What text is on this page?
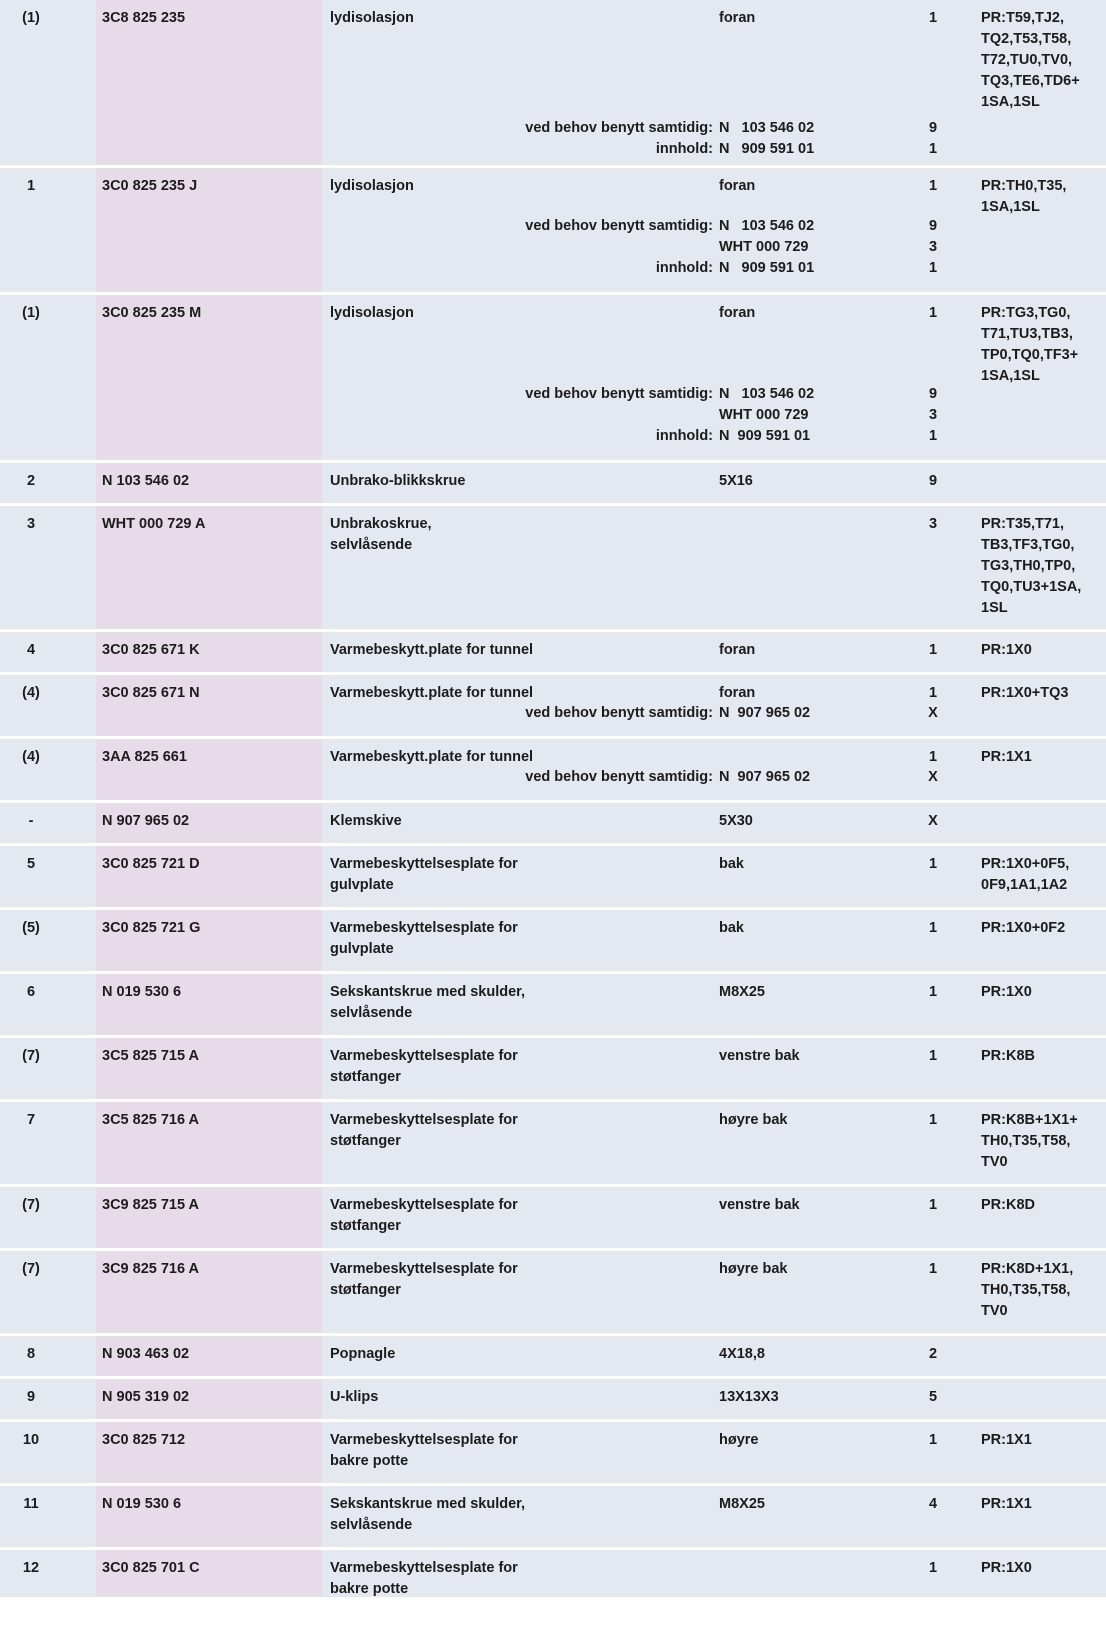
(1)	3C8 825 235	lydisolasjon	foran	1	PR:T59,TJ2,
TQ2,T53,T58,
T72,TU0,TV0,
TQ3,TE6,TD6+
1SA,1SL
ved behov benytt samtidig: N   103 546 02	9
innhold: N   909 591 01	1
1	3C0 825 235 J	lydisolasjon	foran	1	PR:TH0,T35,
1SA,1SL
ved behov benytt samtidig: N   103 546 02	9
WHT 000 729	3
innhold: N   909 591 01	1
(1)	3C0 825 235 M	lydisolasjon	foran	1	PR:TG3,TG0,
T71,TU3,TB3,
TP0,TQ0,TF3+
1SA,1SL
ved behov benytt samtidig: N   103 546 02	9
WHT 000 729	3
innhold: N  909 591 01	1
2	N 103 546 02	Unbrako-blikkskrue	5X16	9
3	WHT 000 729 A	Unbrakoskrue,
selvlåsende
3	PR:T35,T71,
TB3,TF3,TG0,
TG3,TH0,TP0,
TQ0,TU3+1SA,
1SL
4	3C0 825 671 K	Varmebeskytt.plate for tunnel	foran	1	PR:1X0
(4)	3C0 825 671 N	Varmebeskytt.plate for tunnel	foran	1	PR:1X0+TQ3
ved behov benytt samtidig: N  907 965 02	X
(4)	3AA 825 661	Varmebeskytt.plate for tunnel	1	PR:1X1
ved behov benytt samtidig: N  907 965 02	X
-	N 907 965 02	Klemskive	5X30	X
5	3C0 825 721 D	Varmebeskyttelsesplate for
gulvplate
bak	1	PR:1X0+0F5,
0F9,1A1,1A2
(5)	3C0 825 721 G	Varmebeskyttelsesplate for
gulvplate
bak	1	PR:1X0+0F2
6	N 019 530 6	Sekskantskrue med skulder,
selvlåsende
M8X25	1	PR:1X0
(7)	3C5 825 715 A	Varmebeskyttelsesplate for
støtfanger
venstre bak	1	PR:K8B
7	3C5 825 716 A	Varmebeskyttelsesplate for
støtfanger
høyre bak	1	PR:K8B+1X1+
TH0,T35,T58,
TV0
(7)	3C9 825 715 A	Varmebeskyttelsesplate for
støtfanger
venstre bak	1	PR:K8D
(7)	3C9 825 716 A	Varmebeskyttelsesplate for
støtfanger
høyre bak	1	PR:K8D+1X1,
TH0,T35,T58,
TV0
8	N 903 463 02	Popnagle	4X18,8	2
9	N 905 319 02	U-klips	13X13X3	5
10	3C0 825 712	Varmebeskyttelsesplate for
bakre potte
høyre	1	PR:1X1
11	N 019 530 6	Sekskantskrue med skulder,
selvlåsende
M8X25	4	PR:1X1
12	3C0 825 701 C	Varmebeskyttelsesplate for
bakre potte
1	PR:1X0
